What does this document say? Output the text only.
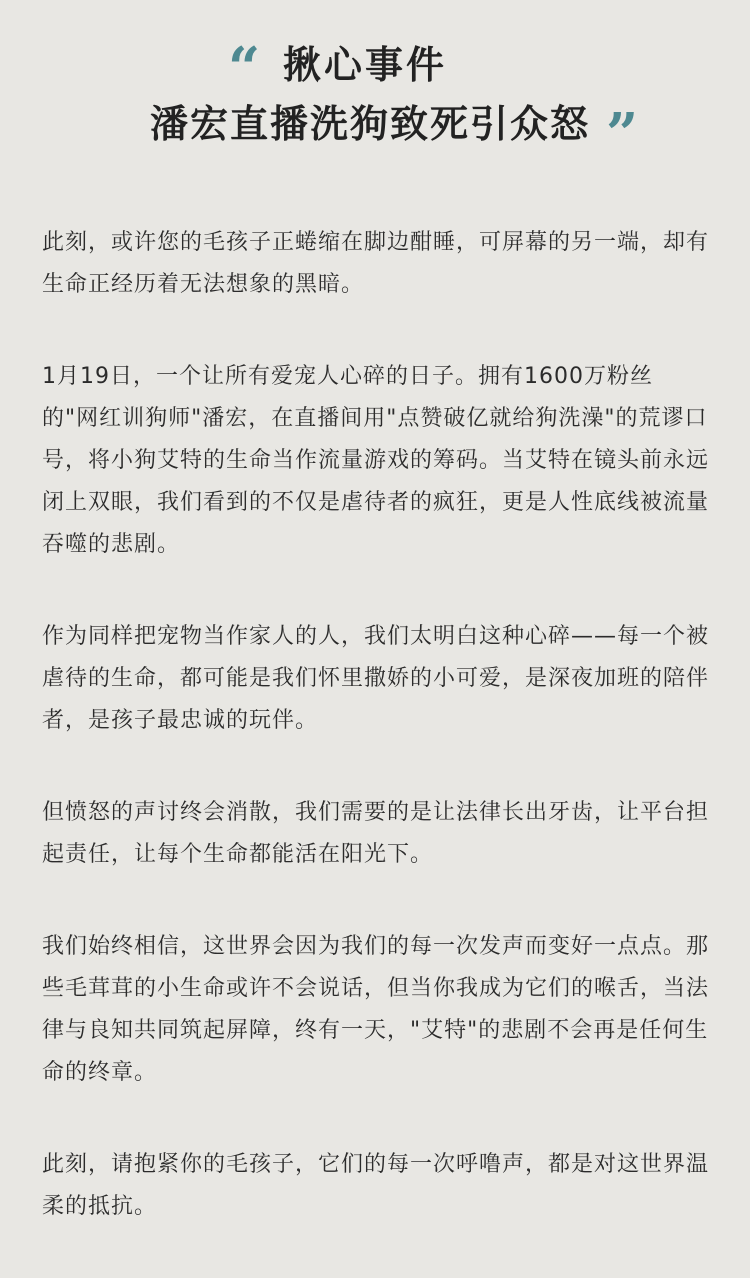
“ 揪心事件
潘宏直播洗狗致死引众怒 ”

此刻，或许您的毛孩子正蜷缩在脚边酣睡，可屏幕的另一端，却有生命正经历着无法想象的黑暗。

1月19日，一个让所有爱宠人心碎的日子。拥有1600万粉丝的"网红训狗师"潘宏，在直播间用"点赞破亿就给狗洗澡"的荒谬口号，将小狗艾特的生命当作流量游戏的筹码。当艾特在镜头前永远闭上双眼，我们看到的不仅是虐待者的疯狂，更是人性底线被流量吞噬的悲剧。

作为同样把宠物当作家人的人，我们太明白这种心碎——每一个被虐待的生命，都可能是我们怀里撒娇的小可爱，是深夜加班的陪伴者，是孩子最忠诚的玩伴。

但愤怒的声讨终会消散，我们需要的是让法律长出牙齿，让平台担起责任，让每个生命都能活在阳光下。

我们始终相信，这世界会因为我们的每一次发声而变好一点点。那些毛茸茸的小生命或许不会说话，但当你我成为它们的喉舌，当法律与良知共同筑起屏障，终有一天，"艾特"的悲剧不会再是任何生命的终章。

此刻，请抱紧你的毛孩子，它们的每一次呼噜声，都是对这世界温柔的抵抗。
